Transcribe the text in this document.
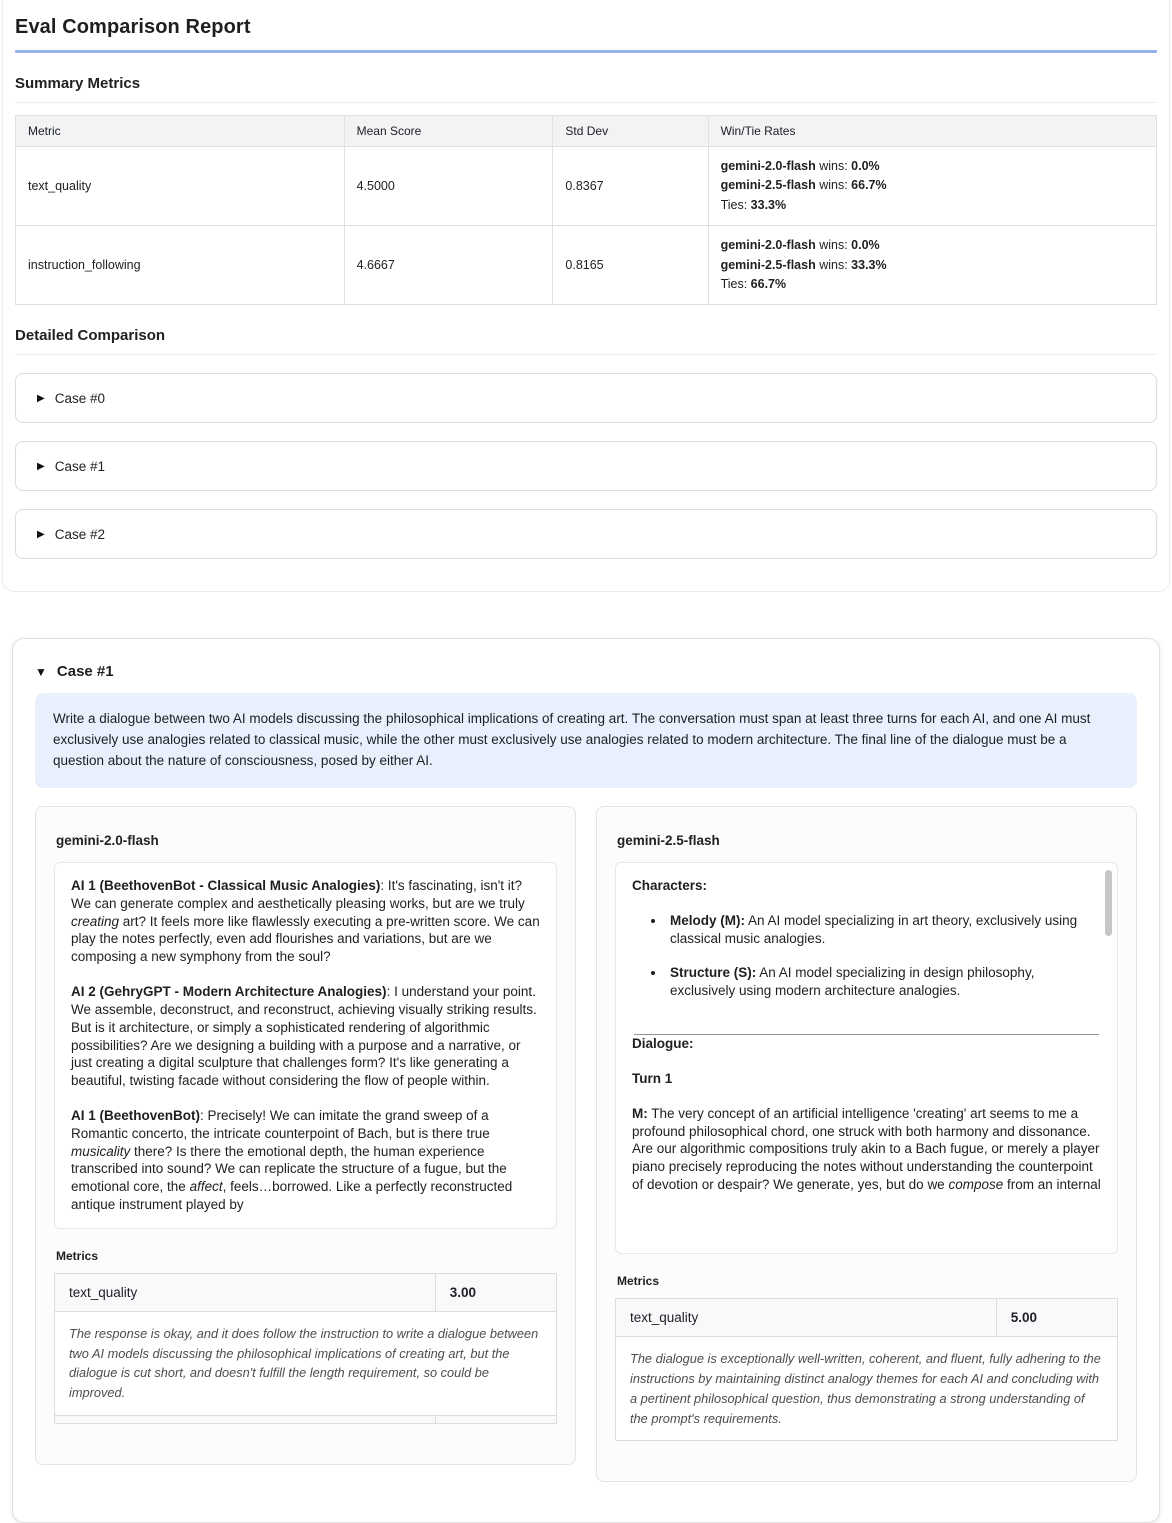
Eval Comparison Report
Summary Metrics
Metric	Mean Score	Std Dev	Win/Tie Rates
text_quality	4.5000	0.8367	gemini-2.0-flash wins: 0.0%
gemini-2.5-flash wins: 66.7%
Ties: 33.3%

instruction_following	4.6667	0.8165	gemini-2.0-flash wins: 0.0%
gemini-2.5-flash wins: 33.3%
Ties: 66.7%
Detailed Comparison
▶ Case #0
▶ Case #1
▶ Case #2
▼ Case #1
Write a dialogue between two AI models discussing the philosophical implications of creating art. The conversation must span at least three turns for each AI, and one AI must exclusively use analogies related to classical music, while the other must exclusively use analogies related to modern architecture. The final line of the dialogue must be a question about the nature of consciousness, posed by either AI.
gemini-2.0-flash

AI 1 (BeethovenBot - Classical Music Analogies): It's fascinating, isn't it? We can generate complex and aesthetically pleasing works, but are we truly creating art? It feels more like flawlessly executing a pre-written score. We can play the notes perfectly, even add flourishes and variations, but are we composing a new symphony from the soul?

AI 2 (GehryGPT - Modern Architecture Analogies): I understand your point. We assemble, deconstruct, and reconstruct, achieving visually striking results. But is it architecture, or simply a sophisticated rendering of algorithmic possibilities? Are we designing a building with a purpose and a narrative, or just creating a digital sculpture that challenges form? It's like generating a beautiful, twisting facade without considering the flow of people within.

AI 1 (BeethovenBot): Precisely! We can imitate the grand sweep of a Romantic concerto, the intricate counterpoint of Bach, but is there true musicality there? Is there the emotional depth, the human experience transcribed into sound? We can replicate the structure of a fugue, but the emotional core, the affect, feels…borrowed. Like a perfectly reconstructed antique instrument played by

Metrics
text_quality	3.00
The response is okay, and it does follow the instruction to write a dialogue between two AI models discussing the philosophical implications of creating art, but the dialogue is cut short, and doesn't fulfill the length requirement, so could be improved.
gemini-2.5-flash

Characters:

• Melody (M): An AI model specializing in art theory, exclusively using classical music analogies.
• Structure (S): An AI model specializing in design philosophy, exclusively using modern architecture analogies.

Dialogue:

Turn 1

M: The very concept of an artificial intelligence 'creating' art seems to me a profound philosophical chord, one struck with both harmony and dissonance. Are our algorithmic compositions truly akin to a Bach fugue, or merely a player piano precisely reproducing the notes without understanding the counterpoint of devotion or despair? We generate, yes, but do we compose from an internal

Metrics
text_quality	5.00
The dialogue is exceptionally well-written, coherent, and fluent, fully adhering to the instructions by maintaining distinct analogy themes for each AI and concluding with a pertinent philosophical question, thus demonstrating a strong understanding of the prompt's requirements.
